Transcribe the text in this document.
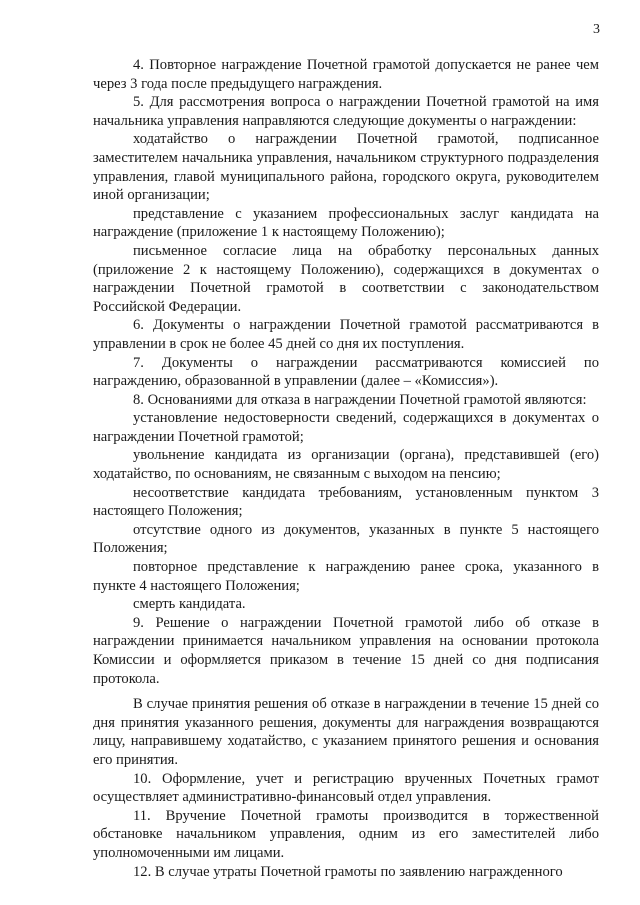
3

4. Повторное награждение Почетной грамотой допускается не ранее чем через 3 года после предыдущего награждения.

5. Для рассмотрения вопроса о награждении Почетной грамотой на имя начальника управления направляются следующие документы о награждении:

ходатайство о награждении Почетной грамотой, подписанное заместителем начальника управления, начальником структурного подразделения управления, главой муниципального района, городского округа, руководителем иной организации;

представление с указанием профессиональных заслуг кандидата на награждение (приложение 1 к настоящему Положению);

письменное согласие лица на обработку персональных данных (приложение 2 к настоящему Положению), содержащихся в документах о награждении Почетной грамотой в соответствии с законодательством Российской Федерации.

6. Документы о награждении Почетной грамотой рассматриваются в управлении в срок не более 45 дней со дня их поступления.

7. Документы о награждении рассматриваются комиссией по награждению, образованной в управлении (далее – «Комиссия»).

8. Основаниями для отказа в награждении Почетной грамотой являются:

установление недостоверности сведений, содержащихся в документах о награждении Почетной грамотой;

увольнение кандидата из организации (органа), представившей (его) ходатайство, по основаниям, не связанным с выходом на пенсию;

несоответствие кандидата требованиям, установленным пунктом 3 настоящего Положения;

отсутствие одного из документов, указанных в пункте 5 настоящего Положения;

повторное представление к награждению ранее срока, указанного в пункте 4 настоящего Положения;

смерть кандидата.

9. Решение о награждении Почетной грамотой либо об отказе в награждении принимается начальником управления на основании протокола Комиссии и оформляется приказом в течение 15 дней со дня подписания протокола.

В случае принятия решения об отказе в награждении в течение 15 дней со дня принятия указанного решения, документы для награждения возвращаются лицу, направившему ходатайство, с указанием принятого решения и основания его принятия.

10. Оформление, учет и регистрацию врученных Почетных грамот осуществляет административно-финансовый отдел управления.

11. Вручение Почетной грамоты производится в торжественной обстановке начальником управления, одним из его заместителей либо уполномоченными им лицами.

12. В случае утраты Почетной грамоты по заявлению награжденного
